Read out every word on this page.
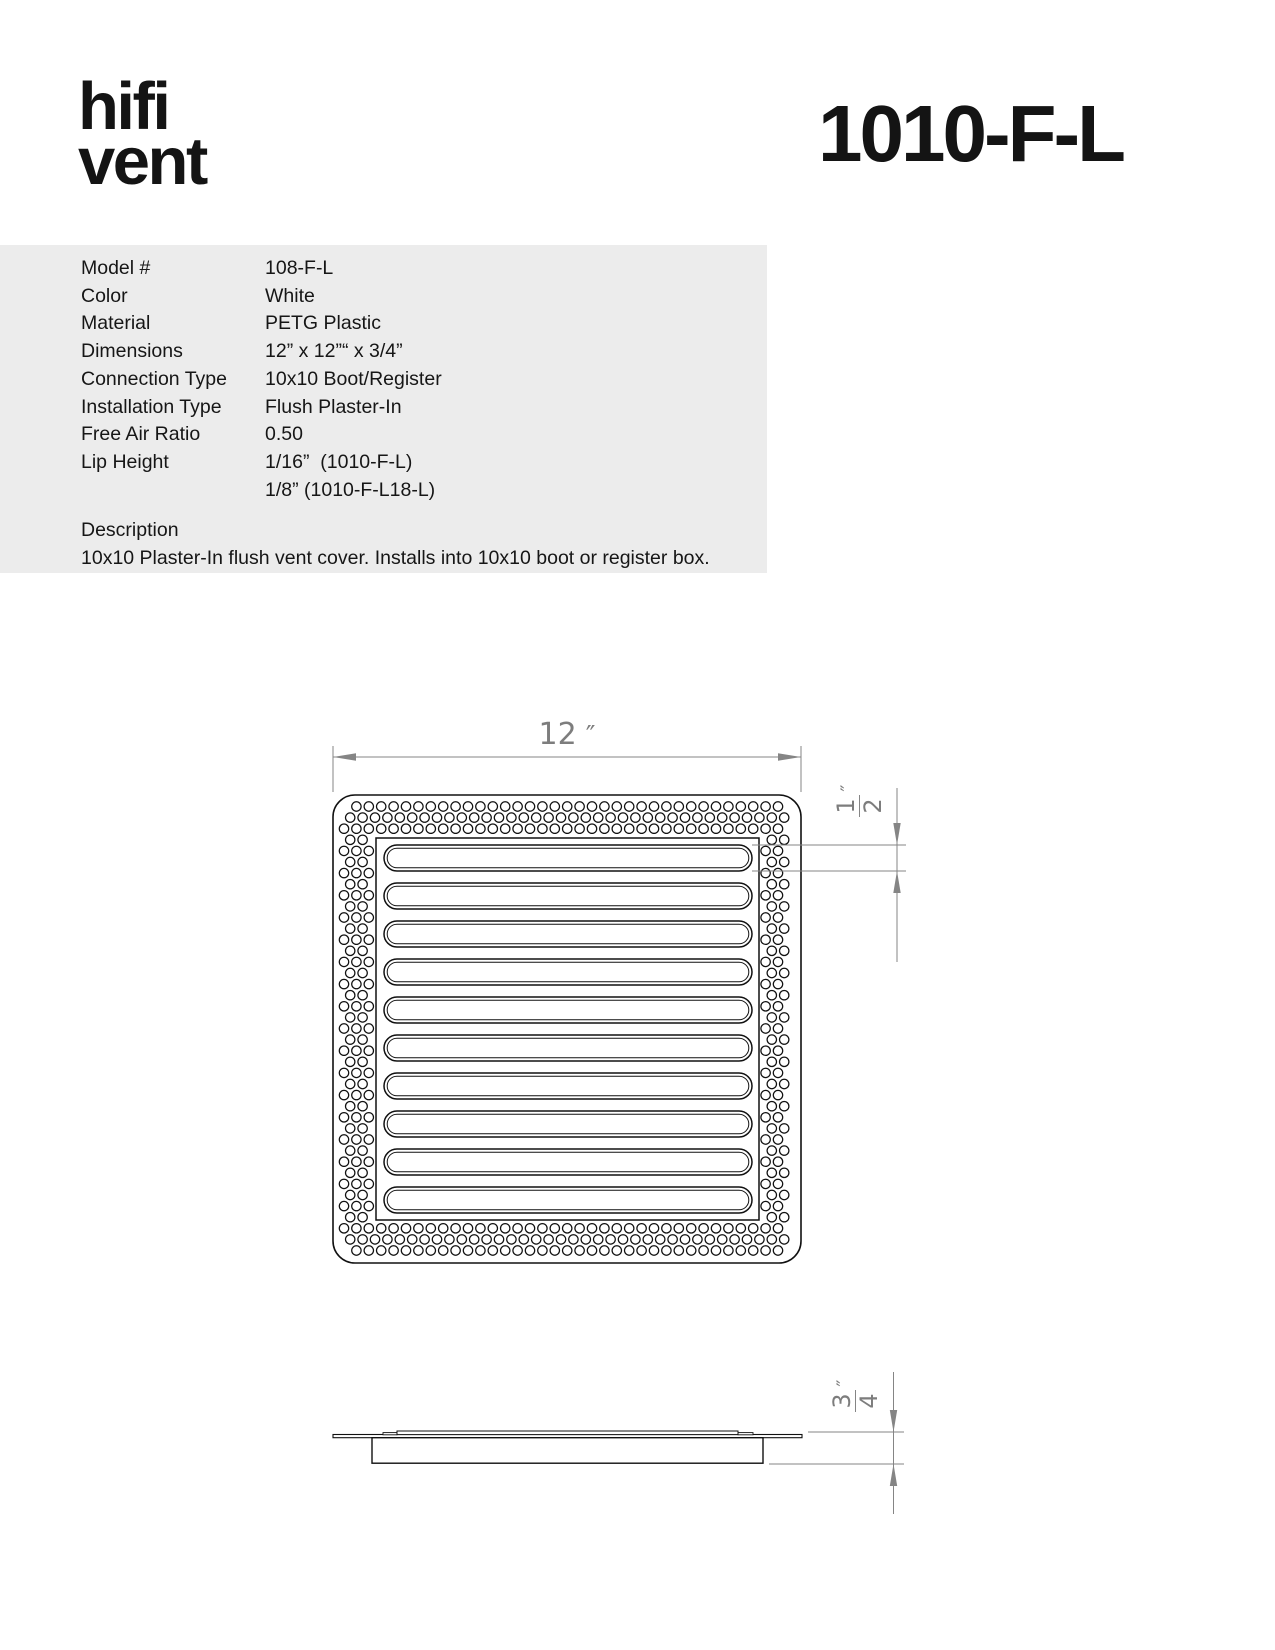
hifi
vent	1010-F-L
Model #	108-F-L
Color	White
Material	PETG Plastic
Dimensions	12” x 12”“ x 3/4”
Connection Type	10x10 Boot/Register
Installation Type	Flush Plaster-In
Free Air Ratio	0.50
Lip Height	1/16”  (1010-F-L)
1/8” (1010-F-L18-L)
Description
10x10 Plaster-In flush vent cover. Installs into 10x10 boot or register box.
12 ″
1 2
″
3 4
″
